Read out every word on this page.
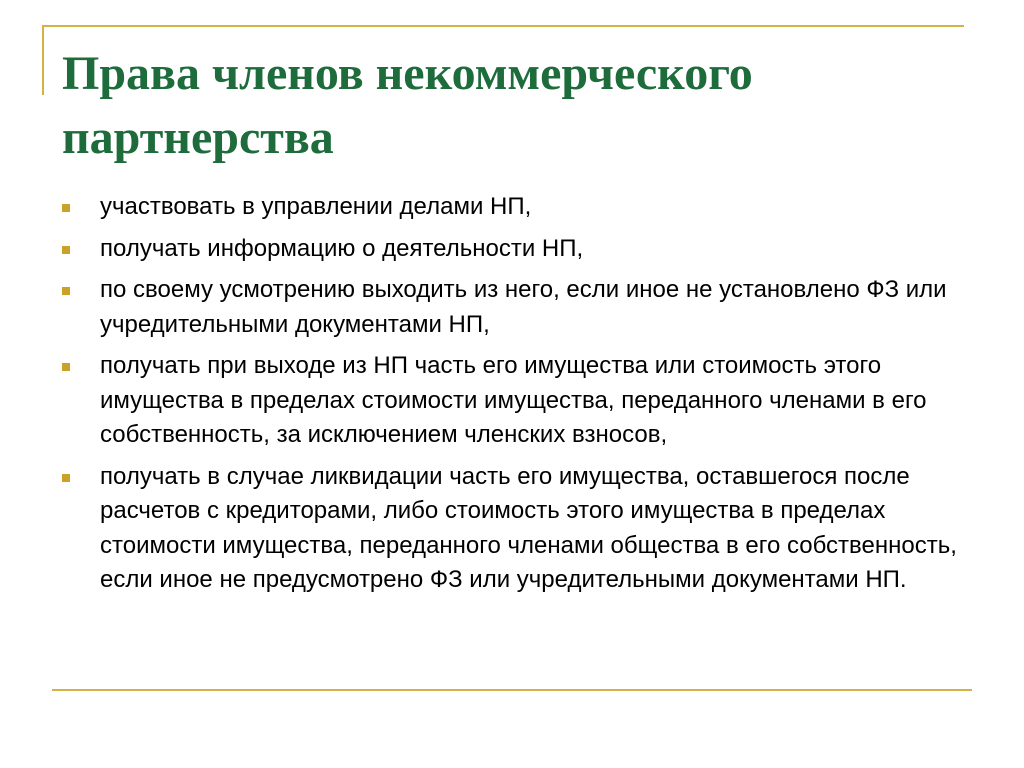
Права членов некоммерческого партнерства
участвовать в управлении делами НП,
получать информацию о деятельности НП,
по своему усмотрению выходить из него, если иное не установлено ФЗ или учредительными документами НП,
получать при выходе из НП часть его имущества или стоимость этого имущества в пределах стоимости имущества, переданного членами в его собственность, за исключением членских взносов,
получать в случае ликвидации часть его имущества, оставшегося после расчетов с кредиторами, либо стоимость этого имущества в пределах стоимости имущества, переданного членами общества в его собственность, если иное не предусмотрено ФЗ или учредительными документами НП.
